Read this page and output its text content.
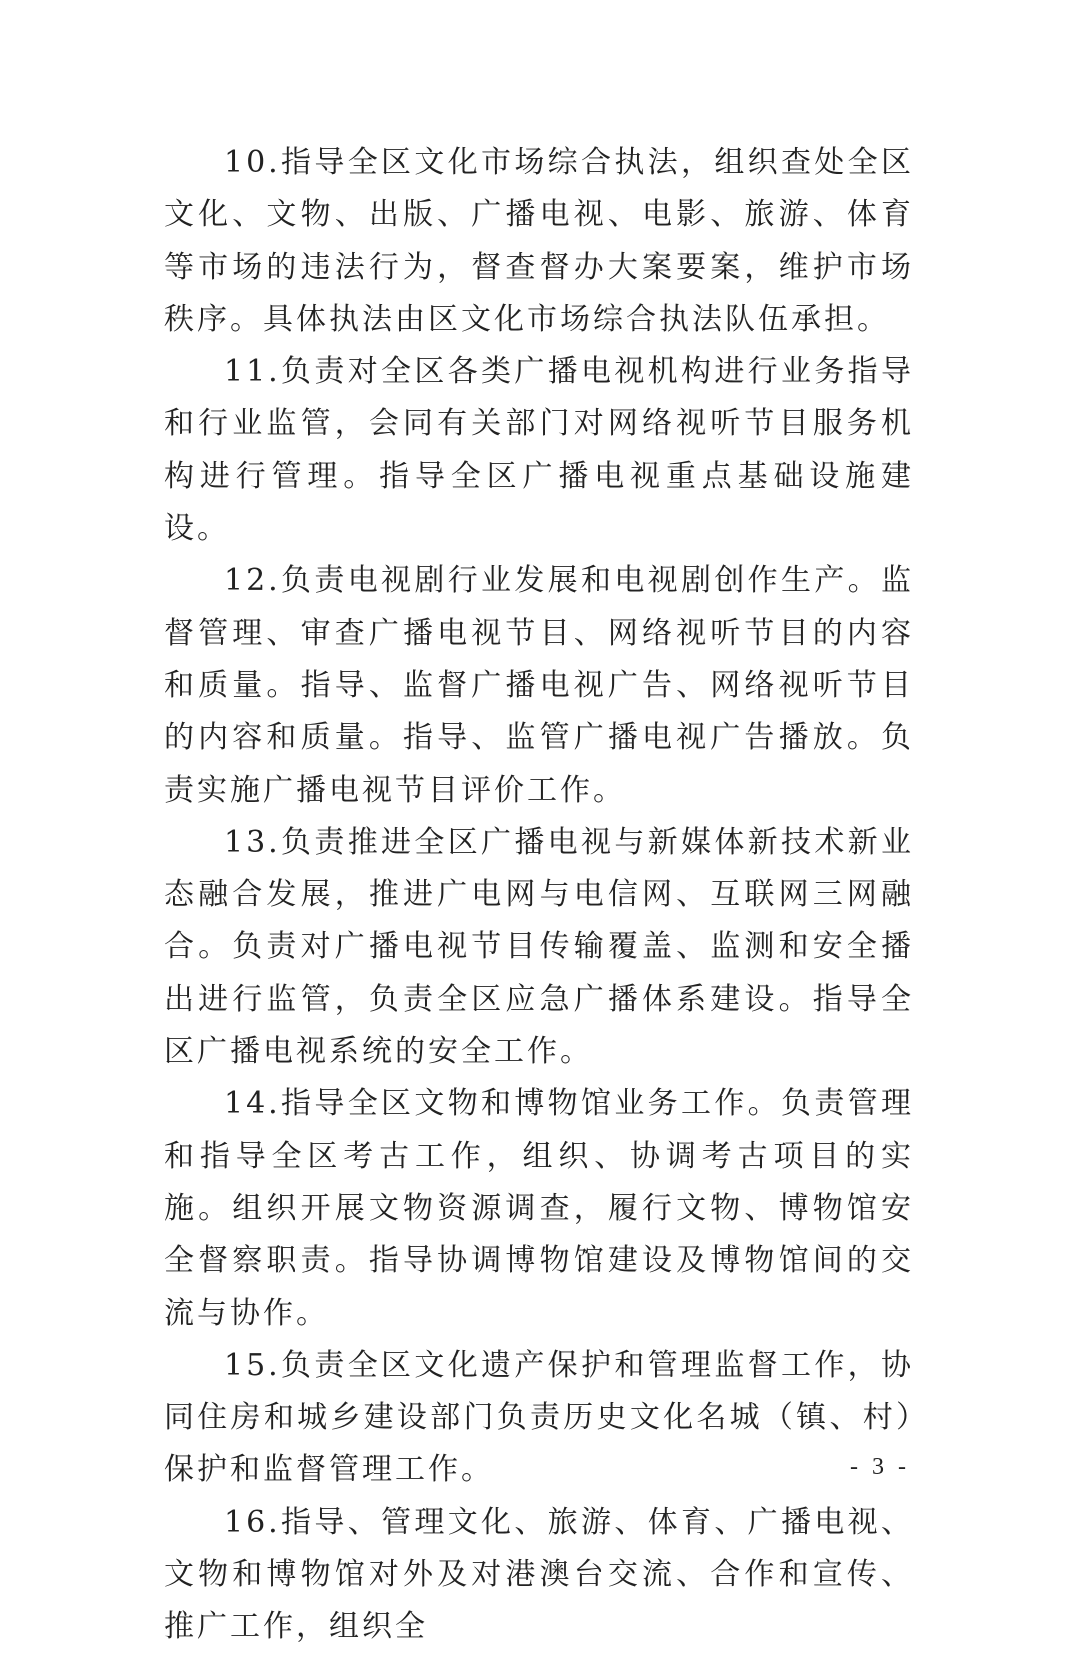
10.指导全区文化市场综合执法，组织查处全区文化、文物、出版、广播电视、电影、旅游、体育等市场的违法行为，督查督办大案要案，维护市场秩序。具体执法由区文化市场综合执法队伍承担。

11.负责对全区各类广播电视机构进行业务指导和行业监管，会同有关部门对网络视听节目服务机构进行管理。指导全区广播电视重点基础设施建设。

12.负责电视剧行业发展和电视剧创作生产。监督管理、审查广播电视节目、网络视听节目的内容和质量。指导、监督广播电视广告、网络视听节目的内容和质量。指导、监管广播电视广告播放。负责实施广播电视节目评价工作。

13.负责推进全区广播电视与新媒体新技术新业态融合发展，推进广电网与电信网、互联网三网融合。负责对广播电视节目传输覆盖、监测和安全播出进行监管，负责全区应急广播体系建设。指导全区广播电视系统的安全工作。

14.指导全区文物和博物馆业务工作。负责管理和指导全区考古工作，组织、协调考古项目的实施。组织开展文物资源调查，履行文物、博物馆安全督察职责。指导协调博物馆建设及博物馆间的交流与协作。

15.负责全区文化遗产保护和管理监督工作，协同住房和城乡建设部门负责历史文化名城（镇、村）保护和监督管理工作。

16.指导、管理文化、旅游、体育、广播电视、文物和博物馆对外及对港澳台交流、合作和宣传、推广工作，组织全

- 3 -
